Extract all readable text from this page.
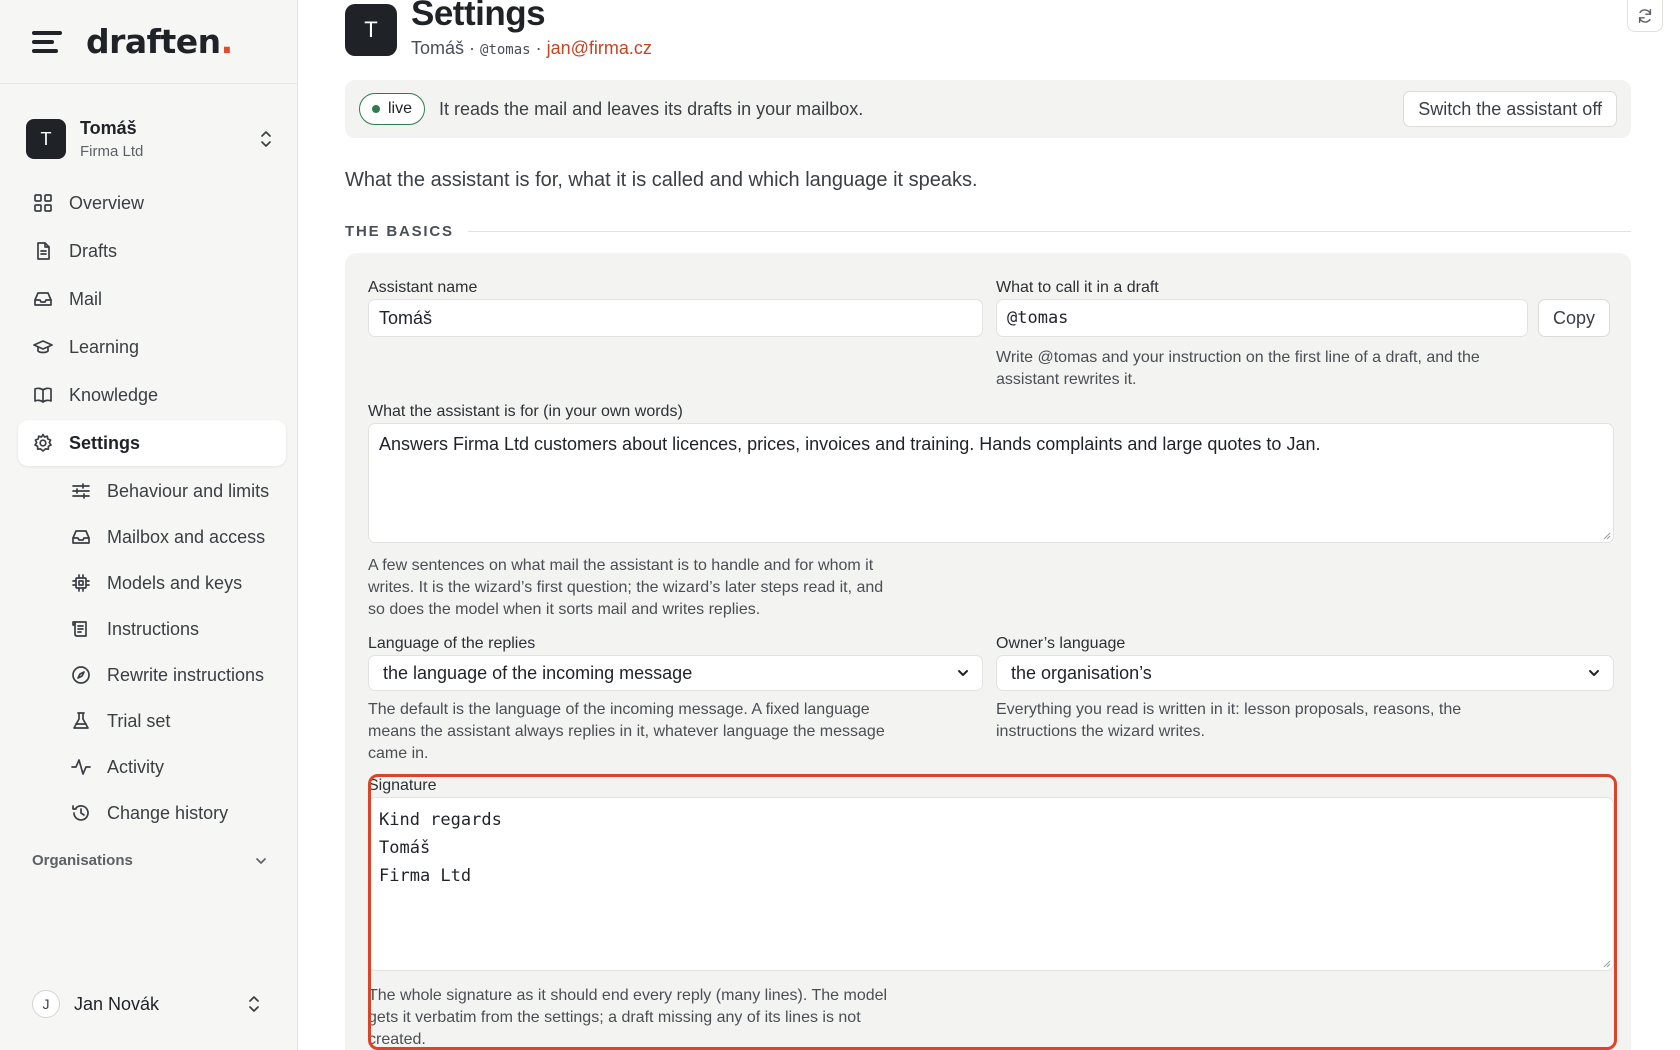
draften.
T
Tomáš
Firma Ltd
Overview
Drafts
Mail
Learning
Knowledge
Settings
Behaviour and limits
Mailbox and access
Models and keys
Instructions
Rewrite instructions
Trial set
Activity
Change history
Organisations
J	Jan Novák
T Settings
Tomáš · @tomas · jan@firma.cz
live It reads the mail and leaves its drafts in your mailbox.	Switch the assistant off

What the assistant is for, what it is called and which language it speaks.

THE BASICS
Assistant name
Tomáš
What to call it in a draft
@tomas	Copy
Write @tomas and your instruction on the first line of a draft, and the assistant rewrites it.
What the assistant is for (in your own words)
Answers Firma Ltd customers about licences, prices, invoices and training. Hands complaints and large quotes to Jan.
A few sentences on what mail the assistant is to handle and for whom it writes. It is the wizard’s first question; the wizard’s later steps read it, and so does the model when it sorts mail and writes replies.
Language of the replies
the language of the incoming message
The default is the language of the incoming message. A fixed language means the assistant always replies in it, whatever language the message came in.
Owner’s language
the organisation’s
Everything you read is written in it: lesson proposals, reasons, the instructions the wizard writes.
Signature
Kind regards
Tomáš
Firma Ltd
The whole signature as it should end every reply (many lines). The model gets it verbatim from the settings; a draft missing any of its lines is not created.
